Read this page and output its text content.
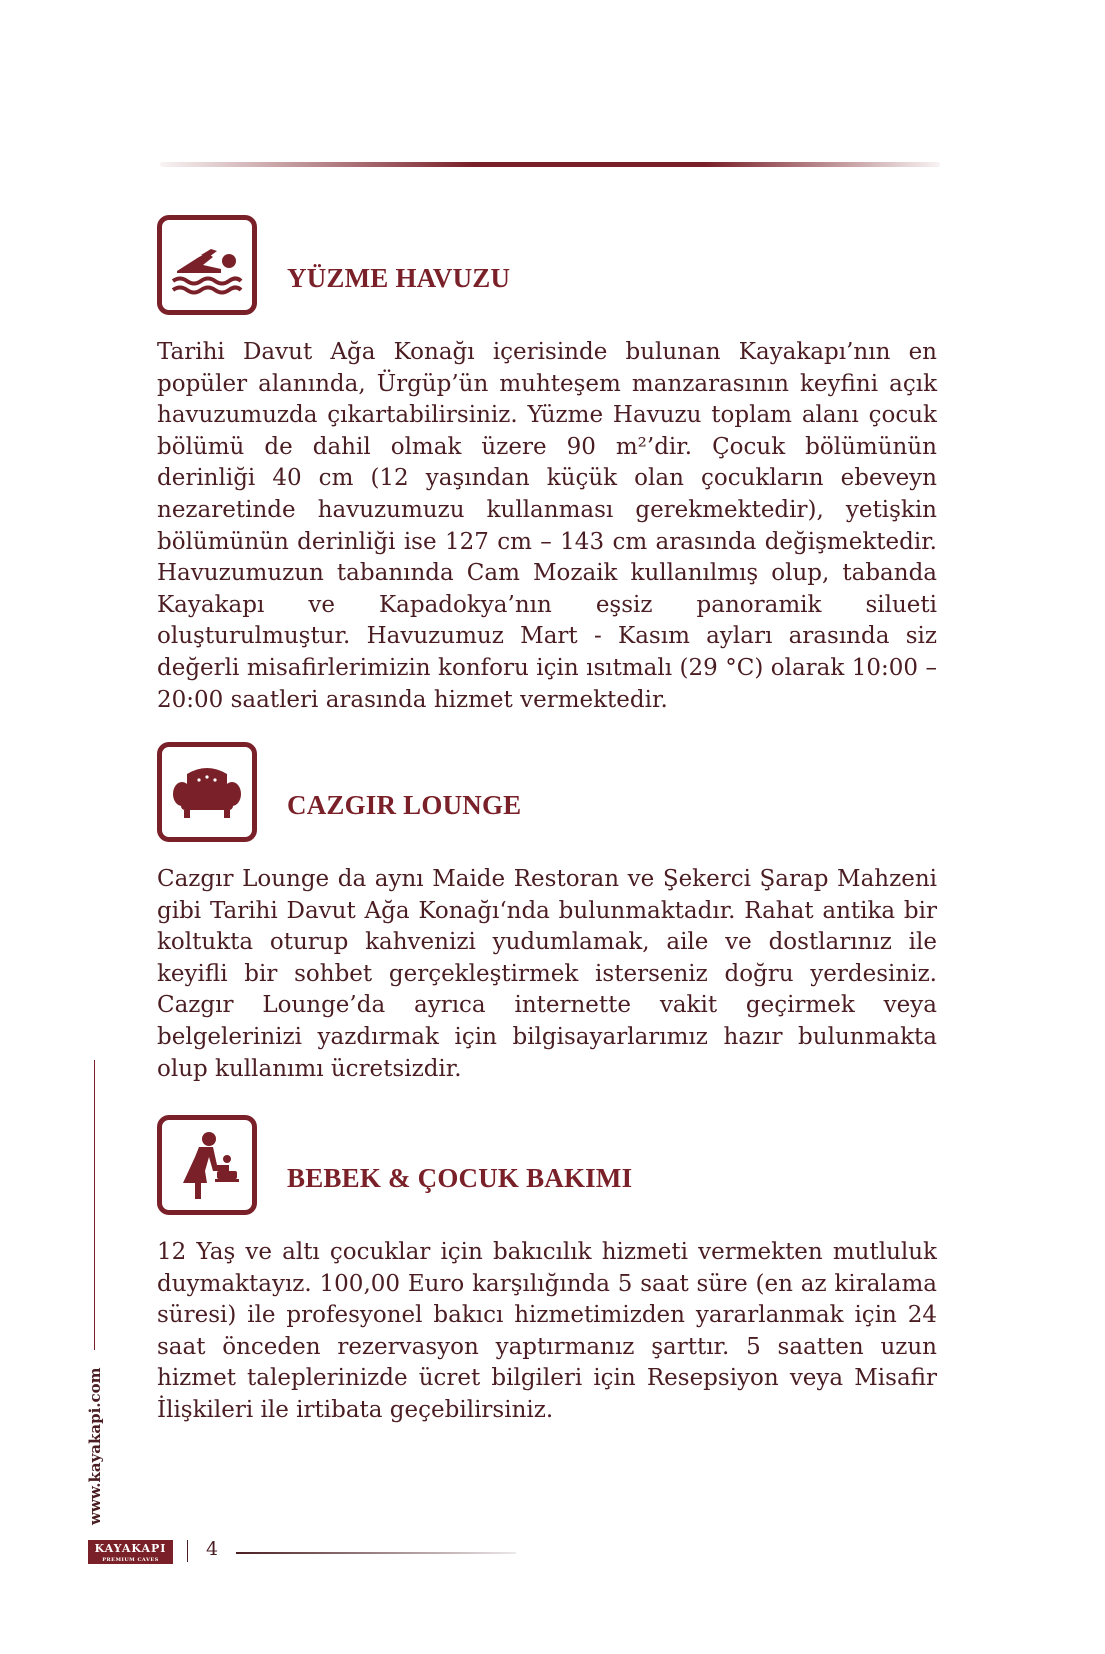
YÜZME HAVUZU
Tarihi Davut Ağa Konağı içerisinde bulunan Kayakapı’nın en popüler alanında, Ürgüp’ün muhteşem manzarasının keyfini açık havuzumuzda çıkartabilirsiniz. Yüzme Havuzu toplam alanı çocuk bölümü de dahil olmak üzere 90 m²’dir. Çocuk bölümünün derinliği 40 cm (12 yaşından küçük olan çocukların ebeveyn nezaretinde havuzumuzu kullanması gerekmektedir), yetişkin bölümünün derinliği ise 127 cm – 143 cm arasında değişmektedir. Havuzumuzun tabanında Cam Mozaik kullanılmış olup, tabanda Kayakapı ve Kapadokya’nın eşsiz panoramik silueti oluşturulmuştur. Havuzumuz Mart - Kasım ayları arasında siz değerli misafirlerimizin konforu için ısıtmalı (29 °C) olarak 10:00 – 20:00 saatleri arasında hizmet vermektedir.
CAZGIR LOUNGE
Cazgır Lounge da aynı Maide Restoran ve Şekerci Şarap Mahzeni gibi Tarihi Davut Ağa Konağı‘nda bulunmaktadır. Rahat antika bir koltukta oturup kahvenizi yudumlamak, aile ve dostlarınız ile keyifli bir sohbet gerçekleştirmek isterseniz doğru yerdesiniz. Cazgır Lounge’da ayrıca internette vakit geçirmek veya belgelerinizi yazdırmak için bilgisayarlarımız hazır bulunmakta olup kullanımı ücretsizdir.
BEBEK & ÇOCUK BAKIMI
12 Yaş ve altı çocuklar için bakıcılık hizmeti vermekten mutluluk duymaktayız. 100,00 Euro karşılığında 5 saat süre (en az kiralama süresi) ile profesyonel bakıcı hizmetimizden yararlanmak için 24 saat önceden rezervasyon yaptırmanız şarttır. 5 saatten uzun hizmet taleplerinizde ücret bilgileri için Resepsiyon veya Misafir İlişkileri ile irtibata geçebilirsiniz.
www.kayakapi.com
KAYAKAPI
PREMIUM CAVES	4
